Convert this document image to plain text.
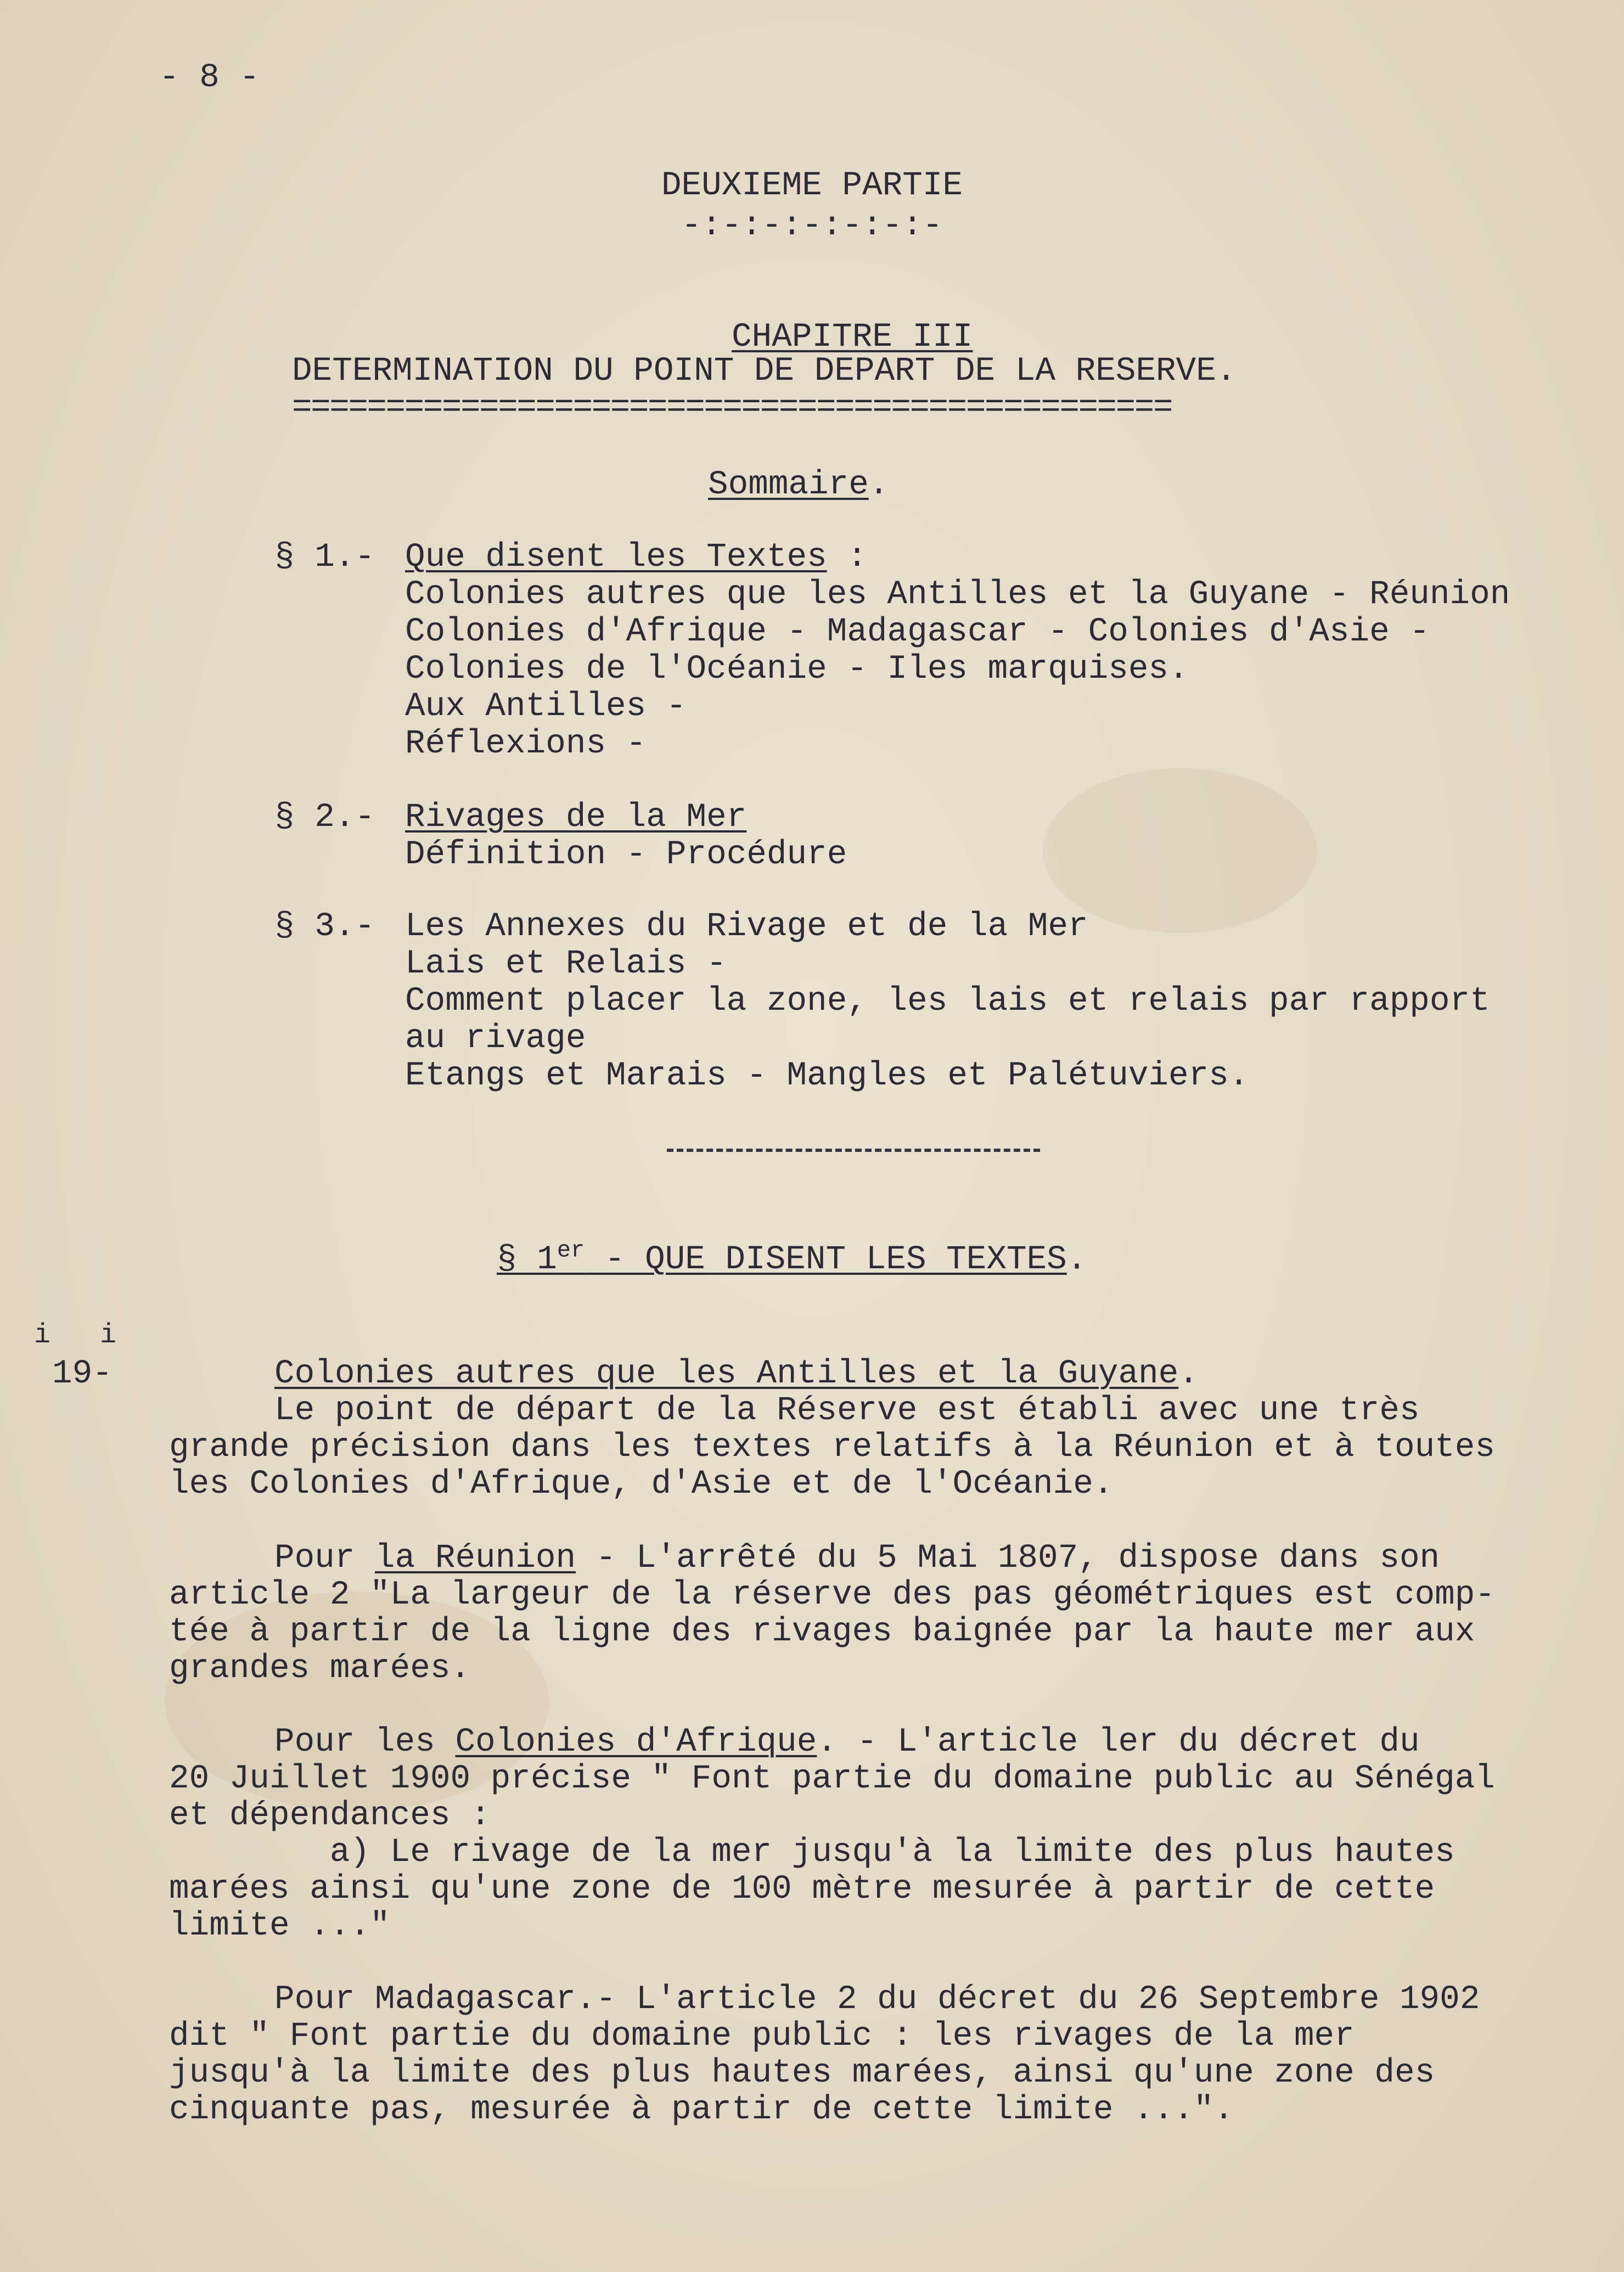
- 8 -
DEUXIEME PARTIE
-:-:-:-:-:-:-

CHAPITRE III

DETERMINATION DU POINT DE DEPART DE LA RESERVE.
===============================================
Sommaire.
§ 1.- Que disent les Textes :
Colonies autres que les Antilles et la Guyane - Réunion
Colonies d'Afrique - Madagascar - Colonies d'Asie -
Colonies de l'Océanie - Iles marquises.
Aux Antilles -
Réflexions -
§ 2.- Rivages de la Mer
Définition - Procédure
§ 3.- Les Annexes du Rivage et de la Mer
Lais et Relais -
Comment placer la zone, les lais et relais par rapport
au rivage
Etangs et Marais - Mangles et Palétuviers.
§ 1er - QUE DISENT LES TEXTES.
i   i
19-	Colonies autres que les Antilles et la Guyane.
Le point de départ de la Réserve est établi avec une très
grande précision dans les textes relatifs à la Réunion et à toutes
les Colonies d'Afrique, d'Asie et de l'Océanie.
Pour la Réunion - L'arrêté du 5 Mai 1807, dispose dans son
article 2 "La largeur de la réserve des pas géométriques est comp-
tée à partir de la ligne des rivages baignée par la haute mer aux
grandes marées.
Pour les Colonies d'Afrique. - L'article ler du décret du
20 Juillet 1900 précise " Font partie du domaine public au Sénégal
et dépendances :
a) Le rivage de la mer jusqu'à la limite des plus hautes
marées ainsi qu'une zone de 100 mètre mesurée à partir de cette
limite ..."
Pour Madagascar.- L'article 2 du décret du 26 Septembre 1902
dit " Font partie du domaine public : les rivages de la mer
jusqu'à la limite des plus hautes marées, ainsi qu'une zone des
cinquante pas, mesurée à partir de cette limite ...".
